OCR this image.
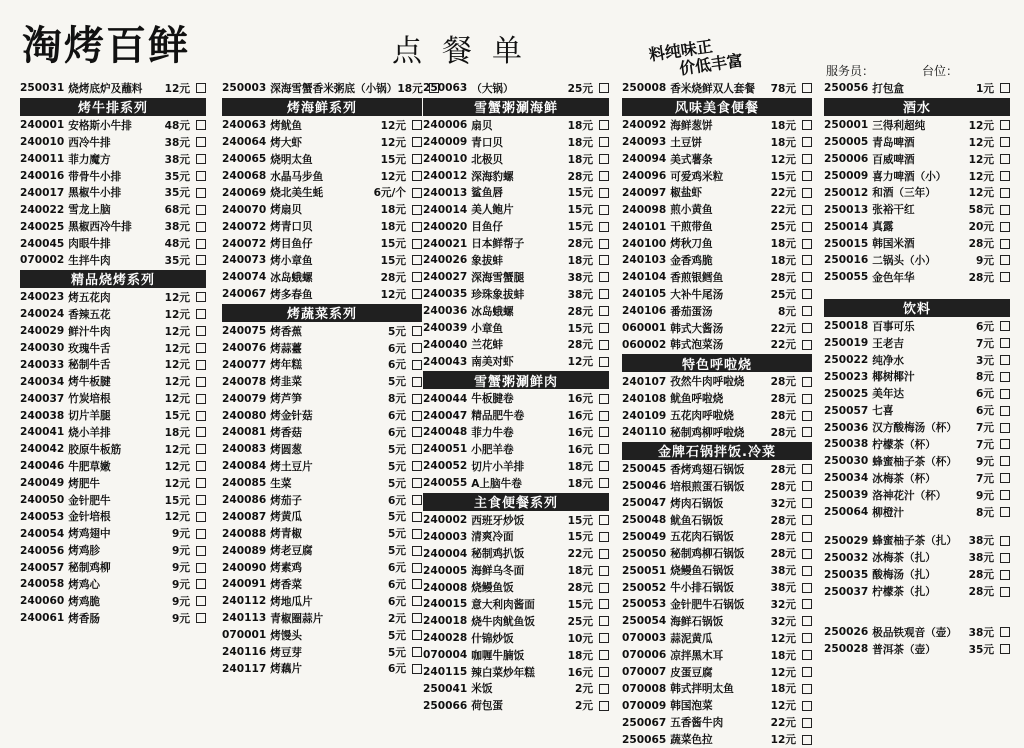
淘烤百鲜	点餐单	料纯味正
价低丰富	服务员：	台位：
250031 烧烤底炉及蘸料	12元
烤牛排系列
240001 安格斯小牛排	48元
240010 西冷牛排	38元
240011 菲力魔方	38元
240016 带骨牛小排	35元
240017 黑椒牛小排	35元
240022 雪龙上脑	68元
240025 黑椒西冷牛排	38元
240045 肉眼牛排	48元
070002 生拌牛肉	35元
精品烧烤系列
240023 烤五花肉	12元
240024 香辣五花	12元
240029 鲜汁牛肉	12元
240030 玫瑰牛舌	12元
240033 秘制牛舌	12元
240034 烤牛板腱	12元
240037 竹炭培根	12元
240038 切片羊腿	15元
240041 烧小羊排	18元
240042 胶原牛板筋	12元
240046 牛肥草嫩	12元
240049 烤肥牛	12元
240050 金针肥牛	15元
240053 金针培根	12元
240054 烤鸡翅中	9元
240056 烤鸡胗	9元
240057 秘制鸡柳	9元
240058 烤鸡心	9元
240060 烤鸡脆	9元
240061 烤香肠	9元
250003 深海雪蟹香米粥底（小锅） 18元
烤海鲜系列
240063 烤鱿鱼	12元
240064 烤大虾	12元
240065 烧明太鱼	15元
240068 水晶马步鱼	12元
240069 烧北美生蚝	6元/个
240070 烤扇贝	18元
240072 烤青口贝	18元
240072 烤目鱼仔	15元
240073 烤小章鱼	15元
240074 冰岛蛾螺	28元
240067 烤多春鱼	12元
烤蔬菜系列
240075 烤香蕉	5元
240076 烤蒜薹	6元
240077 烤年糕	6元
240078 烤韭菜	5元
240079 烤芦笋	8元
240080 烤金针菇	6元
240081 烤香菇	6元
240083 烤圆葱	5元
240084 烤土豆片	5元
240085 生菜	5元
240086 烤茄子	6元
240087 烤黄瓜	5元
240088 烤青椒	5元
240089 烤老豆腐	5元
240090 烤素鸡	6元
240091 烤香菜	6元
240112 烤地瓜片	6元
240113 青椒圈蒜片	2元
070001 烤馒头	5元
240116 烤豆芽	5元
240117 烤藕片	6元
250063 （大锅）	25元
雪蟹粥涮海鲜
240006 扇贝	18元
240009 青口贝	18元
240010 北极贝	18元
240012 深海豹螺	28元
240013 鲨鱼唇	15元
240014 美人鲍片	15元
240020 目鱼仔	15元
240021 日本鲜帮子	28元
240026 象拔蚌	18元
240027 深海雪蟹腿	38元
240035 珍珠象拔蚌	38元
240036 冰岛蛾螺	28元
240039 小章鱼	15元
240040 兰花蚌	28元
240043 南美对虾	12元
雪蟹粥涮鲜肉
240044 牛板腱卷	16元
240047 精品肥牛卷	16元
240048 菲力牛卷	16元
240051 小肥羊卷	16元
240052 切片小羊排	18元
240055 A上脑牛卷	18元
主食便餐系列
240002 西班牙炒饭	15元
240003 清爽冷面	15元
240004 秘制鸡扒饭	22元
240005 海鲜乌冬面	18元
240008 烧鳗鱼饭	28元
240015 意大利肉酱面	15元
240018 烧牛肉鱿鱼饭	25元
240028 什锦炒饭	10元
070004 咖喱牛腩饭	18元
240115 辣白菜炒年糕	16元
250041 米饭	2元
250066 荷包蛋	2元
250008 香米烧鲜双人套餐	78元
风味美食便餐
240092 海鲜葱饼	18元
240093 土豆饼	18元
240094 美式薯条	12元
240096 可爱鸡米粒	15元
240097 椒盐虾	22元
240098 煎小黄鱼	22元
240101 干煎带鱼	25元
240100 烤秋刀鱼	18元
240103 金香鸡脆	18元
240104 香煎银鳕鱼	28元
240105 大补牛尾汤	25元
240106 番茄蛋汤	8元
060001 韩式大酱汤	22元
060002 韩式泡菜汤	22元
特色呼啦烧
240107 孜然牛肉呼啦烧	28元
240108 鱿鱼呼啦烧	28元
240109 五花肉呼啦烧	28元
240110 秘制鸡柳呼啦烧	28元
金牌石锅拌饭.冷菜
250045 香烤鸡翅石锅饭	28元
250046 培根煎蛋石锅饭	28元
250047 烤肉石锅饭	32元
250048 鱿鱼石锅饭	28元
250049 五花肉石锅饭	28元
250050 秘制鸡柳石锅饭	28元
250051 烧鳗鱼石锅饭	38元
250052 牛小排石锅饭	38元
250053 金针肥牛石锅饭	32元
250054 海鲜石锅饭	32元
070003 蒜泥黄瓜	12元
070006 凉拌黑木耳	18元
070007 皮蛋豆腐	12元
070008 韩式拌明太鱼	18元
070009 韩国泡菜	12元
250067 五香酱牛肉	22元
250065 蔬菜色拉	12元
250056 打包盒	1元
酒水
250001 三得利超纯	12元
250005 青岛啤酒	12元
250006 百威啤酒	12元
250009 喜力啤酒（小）	12元
250012 和酒（三年）	12元
250013 张裕干红	58元
250014 真露	20元
250015 韩国米酒	28元
250016 二锅头（小）	9元
250055 金色年华	28元
饮料
250018 百事可乐	6元
250019 王老吉	7元
250022 纯净水	3元
250023 椰树椰汁	8元
250025 美年达	6元
250057 七喜	6元
250036 汉方酸梅汤（杯）	7元
250038 柠檬茶（杯）	7元
250030 蜂蜜柚子茶（杯）	9元
250034 冰梅茶（杯）	7元
250039 洛神花汁（杯）	9元
250064 柳橙汁	8元
250029 蜂蜜柚子茶（扎）	38元
250032 冰梅茶（扎）	38元
250035 酸梅汤（扎）	28元
250037 柠檬茶（扎）	28元
250026 极品铁观音（壶）	38元
250028 普洱茶（壶）	35元
